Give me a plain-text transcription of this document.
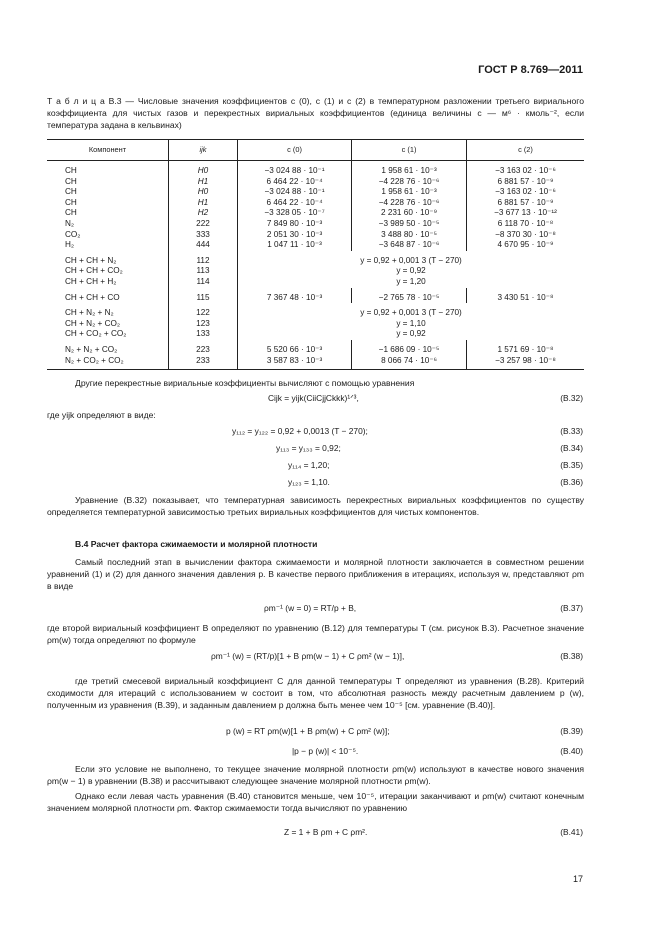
ГОСТ Р 8.769—2011
Т а б л и ц а В.3 — Числовые значения коэффициентов c (0), c (1) и c (2) в температурном разложении третьего вириального коэффициента для чистых газов и перекрестных вириальных коэффициентов (единица величины c — м⁶ · кмоль⁻², если температура задана в кельвинах)
Компонент	ijk	c (0)	c (1)	c (2)
CH	H0	−3 024 88 · 10⁻¹	1 958 61 · 10⁻³	−3 163 02 · 10⁻⁶
CH	H1	6 464 22 · 10⁻⁴	−4 228 76 · 10⁻⁶	6 881 57 · 10⁻⁹
CH	H0	−3 024 88 · 10⁻¹	1 958 61 · 10⁻³	−3 163 02 · 10⁻⁶
CH	H1	6 464 22 · 10⁻⁴	−4 228 76 · 10⁻⁶	6 881 57 · 10⁻⁹
CH	H2	−3 328 05 · 10⁻⁷	2 231 60 · 10⁻⁹	−3 677 13 · 10⁻¹²
N₂	222	7 849 80 · 10⁻³	−3 989 50 · 10⁻⁵	6 118 70 · 10⁻⁸
CO₂	333	2 051 30 · 10⁻³	3 488 80 · 10⁻⁵	−8 370 30 · 10⁻⁸
H₂	444	1 047 11 · 10⁻³	−3 648 87 · 10⁻⁶	4 670 95 · 10⁻⁹
CH + CH + N₂	112	y = 0,92 + 0,001 3 (T − 270)		
CH + CH + CO₂	113	y = 0,92		
CH + CH + H₂	114	y = 1,20		
CH + CH + CO	115	7 367 48 · 10⁻³	−2 765 78 · 10⁻⁵	3 430 51 · 10⁻⁸
CH + N₂ + N₂	122	y = 0,92 + 0,001 3 (T − 270)		
CH + N₂ + CO₂	123	y = 1,10		
CH + CO₂ + CO₂	133	y = 0,92		
N₂ + N₂ + CO₂	223	5 520 66 · 10⁻³	−1 686 09 · 10⁻⁵	1 571 69 · 10⁻⁸
N₂ + CO₂ + CO₂	233	3 587 83 · 10⁻³	8 066 74 · 10⁻⁶	−3 257 98 · 10⁻⁸
Другие перекрестные вириальные коэффициенты вычисляют с помощью уравнения
Cijk = yijk(CiiCjjCkkk)¹ᐟ³,	(В.32)
где yijk определяют в виде:
y₁₁₂ = y₁₂₂ = 0,92 + 0,0013 (T − 270);	(В.33)
y₁₁₃ = y₁₃₃ = 0,92;	(В.34)
y₁₁₄ = 1,20;	(В.35)
y₁₂₃ = 1,10.	(В.36)
Уравнение (В.32) показывает, что температурная зависимость перекрестных вириальных коэффициентов по существу определяется температурной зависимостью третьих вириальных коэффициентов для чистых компонентов.
В.4 Расчет фактора сжимаемости и молярной плотности
Самый последний этап в вычислении фактора сжимаемости и молярной плотности заключается в совместном решении уравнений (1) и (2) для данного значения давления p. В качестве первого приближения в итерациях, используя w, представляют ρm в виде
ρm⁻¹ (w = 0) = RT/p + B,	(В.37)
где второй вириальный коэффициент B определяют по уравнению (В.12) для температуры T (см. рисунок В.3). Расчетное значение ρm(w) тогда определяют по формуле
ρm⁻¹ (w) = (RT/p)[1 + B ρm(w − 1) + C ρm² (w − 1)],	(В.38)
где третий смесевой вириальный коэффициент C для данной температуры T определяют из уравнения (В.28). Критерий сходимости для итераций с использованием w состоит в том, что абсолютная разность между расчетным давлением p (w), полученным из уравнения (В.39), и заданным давлением p должна быть менее чем 10⁻⁵ [см. уравнение (В.40)].
p (w) = RT ρm(w)[1 + B ρm(w) + C ρm² (w)];	(В.39)
|p − p (w)| < 10⁻⁵.	(В.40)
Если это условие не выполнено, то текущее значение молярной плотности ρm(w) используют в качестве нового значения ρm(w − 1) в уравнении (В.38) и рассчитывают следующее значение молярной плотности ρm(w).
Однако если левая часть уравнения (В.40) становится меньше, чем 10⁻⁵, итерации заканчивают и ρm(w) считают конечным значением молярной плотности ρm. Фактор сжимаемости тогда вычисляют по уравнению
Z = 1 + B ρm + C ρm².	(В.41)
17
